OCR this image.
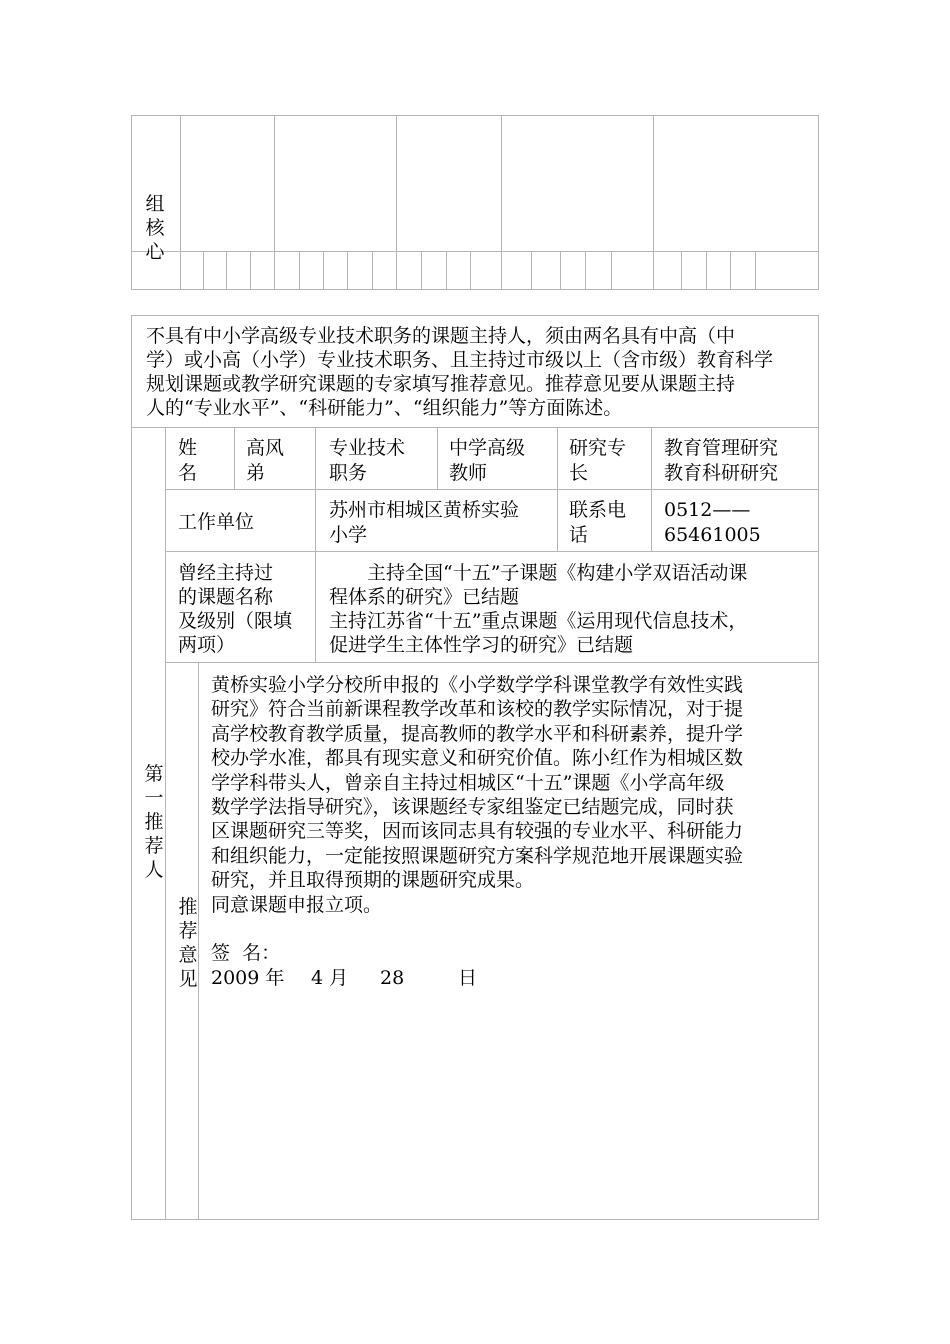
组
核
心
不具有中小学高级专业技术职务的课题主持人，须由两名具有中高（中
学）或小高（小学）专业技术职务、且主持过市级以上（含市级）教育科学
规划课题或教学研究课题的专家填写推荐意见。推荐意见要从课题主持
人的“专业水平”、“科研能力”、“组织能力”等方面陈述。
第一推荐人
姓
名
高风
弟
专业技术
职务
中学高级
教师
研究专
长
教育管理研究
教育科研研究
工作单位
苏州市相城区黄桥实验
小学
联系电
话
0512——
65461005
曾经主持过
的课题名称
及级别（限填
两项）
　　主持全国“十五”子课题《构建小学双语活动课
程体系的研究》已结题
主持江苏省“十五”重点课题《运用现代信息技术，
促进学生主体性学习的研究》已结题
推荐意见
黄桥实验小学分校所申报的《小学数学学科课堂教学有效性实践
研究》符合当前新课程教学改革和该校的教学实际情况，对于提
高学校教育教学质量，提高教师的教学水平和科研素养，提升学
校办学水准，都具有现实意义和研究价值。陈小红作为相城区数
学学科带头人，曾亲自主持过相城区“十五”课题《小学高年级
数学学法指导研究》，该课题经专家组鉴定已结题完成，同时获
区课题研究三等奖，因而该同志具有较强的专业水平、科研能力
和组织能力，一定能按照课题研究方案科学规范地开展课题实验
研究，并且取得预期的课题研究成果。
同意课题申报立项。
签  名：
2009 年 4 月 28	日
